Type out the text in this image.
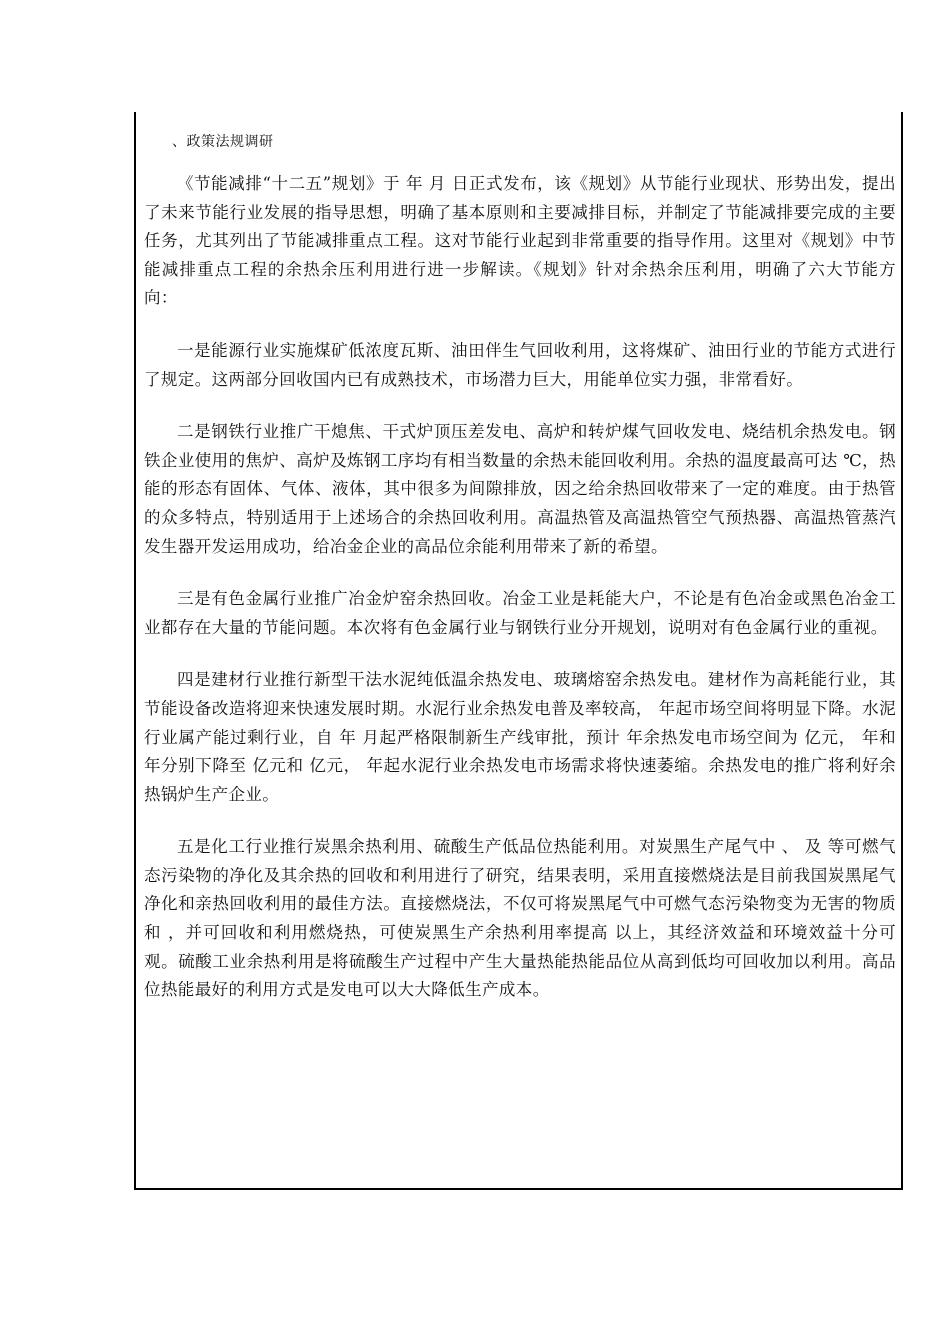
、政策法规调研

《节能减排“十二五”规划》于 年 月 日正式发布，该《规划》从节能行业现状、形势出发，提出了未来节能行业发展的指导思想，明确了基本原则和主要减排目标，并制定了节能减排要完成的主要任务，尤其列出了节能减排重点工程。这对节能行业起到非常重要的指导作用。这里对《规划》中节能减排重点工程的余热余压利用进行进一步解读。《规划》针对余热余压利用，明确了六大节能方向：

一是能源行业实施煤矿低浓度瓦斯、油田伴生气回收利用，这将煤矿、油田行业的节能方式进行了规定。这两部分回收国内已有成熟技术，市场潜力巨大，用能单位实力强，非常看好。

二是钢铁行业推广干熄焦、干式炉顶压差发电、高炉和转炉煤气回收发电、烧结机余热发电。钢铁企业使用的焦炉、高炉及炼钢工序均有相当数量的余热未能回收利用。余热的温度最高可达 ℃，热能的形态有固体、气体、液体，其中很多为间隙排放，因之给余热回收带来了一定的难度。由于热管的众多特点，特别适用于上述场合的余热回收利用。高温热管及高温热管空气预热器、高温热管蒸汽发生器开发运用成功，给冶金企业的高品位余能利用带来了新的希望。

三是有色金属行业推广冶金炉窑余热回收。冶金工业是耗能大户，不论是有色冶金或黑色冶金工业都存在大量的节能问题。本次将有色金属行业与钢铁行业分开规划，说明对有色金属行业的重视。

四是建材行业推行新型干法水泥纯低温余热发电、玻璃熔窑余热发电。建材作为高耗能行业，其节能设备改造将迎来快速发展时期。水泥行业余热发电普及率较高， 年起市场空间将明显下降。水泥行业属产能过剩行业，自 年 月起严格限制新生产线审批，预计 年余热发电市场空间为 亿元， 年和 年分别下降至 亿元和 亿元， 年起水泥行业余热发电市场需求将快速萎缩。余热发电的推广将利好余热锅炉生产企业。

五是化工行业推行炭黑余热利用、硫酸生产低品位热能利用。对炭黑生产尾气中 、 及 等可燃气态污染物的净化及其余热的回收和利用进行了研究，结果表明，采用直接燃烧法是目前我国炭黑尾气净化和亲热回收利用的最佳方法。直接燃烧法，不仅可将炭黑尾气中可燃气态污染物变为无害的物质 和 ，并可回收和利用燃烧热，可使炭黑生产余热利用率提高 以上，其经济效益和环境效益十分可观。硫酸工业余热利用是将硫酸生产过程中产生大量热能热能品位从高到低均可回收加以利用。高品位热能最好的利用方式是发电可以大大降低生产成本。
